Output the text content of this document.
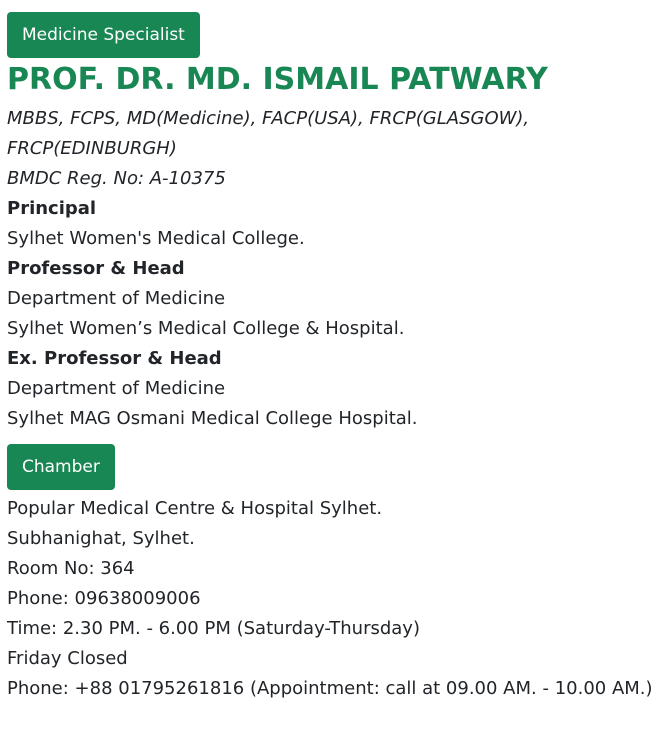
Medicine Specialist
PROF. DR. MD. ISMAIL PATWARY
MBBS, FCPS, MD(Medicine), FACP(USA), FRCP(GLASGOW),
FRCP(EDINBURGH)
BMDC Reg. No: A-10375
Principal
Sylhet Women's Medical College.
Professor & Head
Department of Medicine
Sylhet Women’s Medical College & Hospital.
Ex. Professor & Head
Department of Medicine
Sylhet MAG Osmani Medical College Hospital.
Chamber
Popular Medical Centre & Hospital Sylhet.
Subhanighat, Sylhet.
Room No: 364
Phone: 09638009006
Time: 2.30 PM. - 6.00 PM (Saturday-Thursday)
Friday Closed
Phone: +88 01795261816 (Appointment: call at 09.00 AM. - 10.00 AM.)
